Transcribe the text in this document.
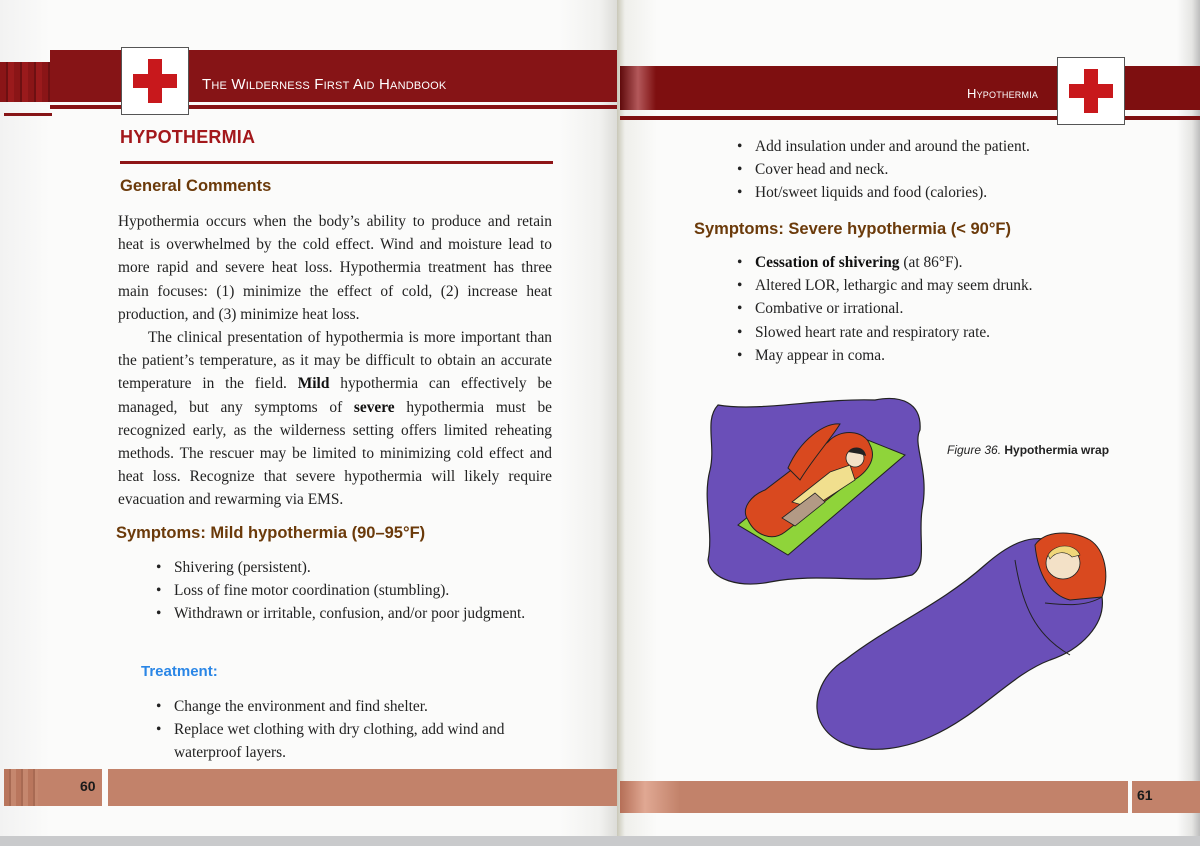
The Wilderness First Aid Handbook
HYPOTHERMIA
General Comments

Hypothermia occurs when the body’s ability to produce and retain heat is overwhelmed by the cold effect. Wind and moisture lead to more rapid and severe heat loss. Hypothermia treatment has three main focuses: (1) minimize the effect of cold, (2) increase heat production, and (3) minimize heat loss.

The clinical presentation of hypothermia is more important than the patient’s temperature, as it may be difficult to obtain an accurate temperature in the field. Mild hypothermia can effectively be managed, but any symptoms of severe hypothermia must be recognized early, as the wilderness setting offers limited reheating methods. The rescuer may be limited to minimizing cold effect and heat loss. Recognize that severe hypothermia will likely require evacuation and rewarming via EMS.

Symptoms: Mild hypothermia (90–95°F)
• Shivering (persistent).
• Loss of fine motor coordination (stumbling).
• Withdrawn or irritable, confusion, and/or poor judgment.
Treatment:
• Change the environment and find shelter.
• Replace wet clothing with dry clothing, add wind and waterproof layers.
60
Hypothermia
• Add insulation under and around the patient.
• Cover head and neck.
• Hot/sweet liquids and food (calories).
Symptoms: Severe hypothermia (< 90°F)
• Cessation of shivering (at 86°F).
• Altered LOR, lethargic and may seem drunk.
• Combative or irrational.
• Slowed heart rate and respiratory rate.
• May appear in coma.
Figure 36. Hypothermia wrap
61
